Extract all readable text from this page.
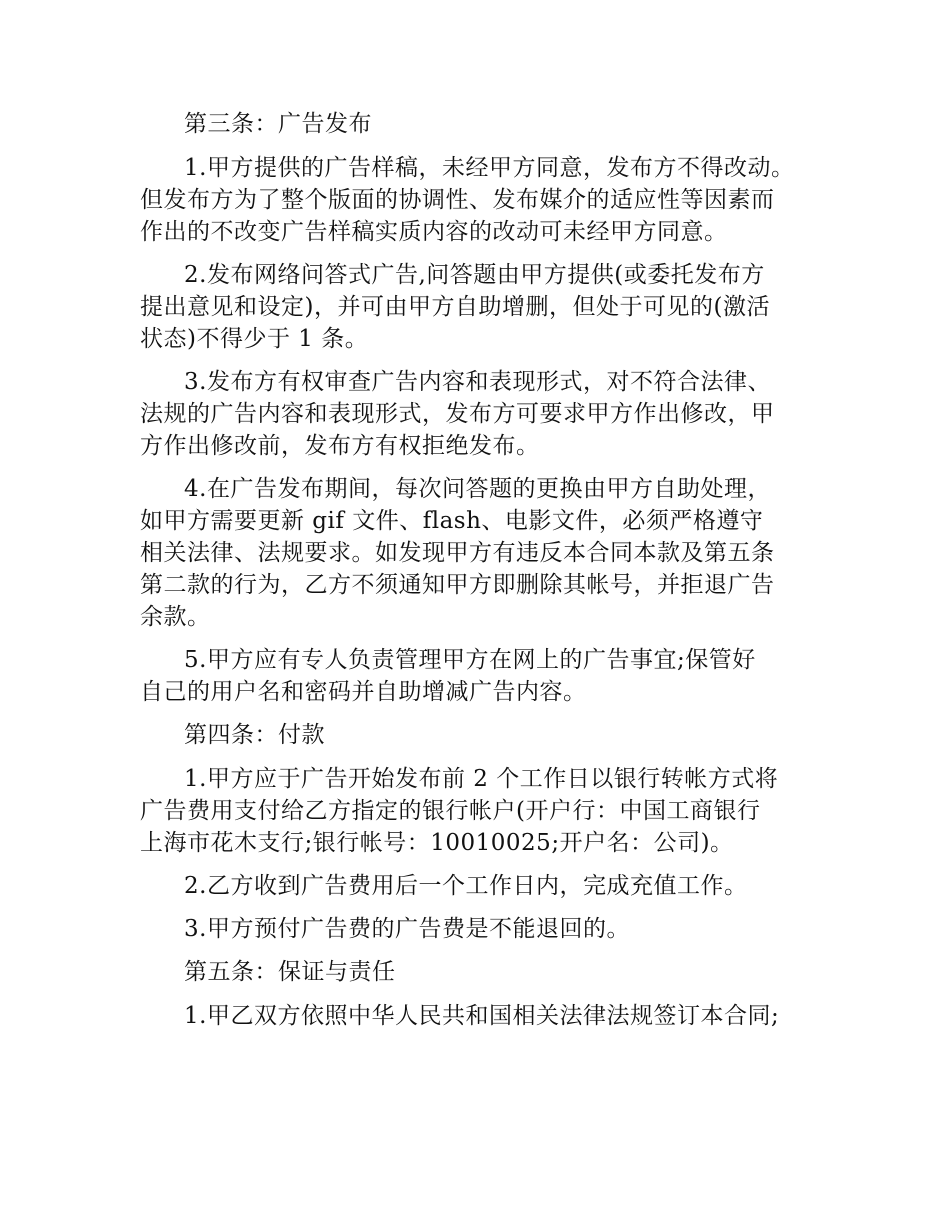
第三条：广告发布

1.甲方提供的广告样稿，未经甲方同意，发布方不得改动。
但发布方为了整个版面的协调性、发布媒介的适应性等因素而
作出的不改变广告样稿实质内容的改动可未经甲方同意。

2.发布网络问答式广告,问答题由甲方提供(或委托发布方
提出意见和设定)，并可由甲方自助增删，但处于可见的(激活
状态)不得少于 1 条。

3.发布方有权审查广告内容和表现形式，对不符合法律、
法规的广告内容和表现形式，发布方可要求甲方作出修改，甲
方作出修改前，发布方有权拒绝发布。

4.在广告发布期间，每次问答题的更换由甲方自助处理，
如甲方需要更新 gif 文件、flash、电影文件，必须严格遵守
相关法律、法规要求。如发现甲方有违反本合同本款及第五条
第二款的行为，乙方不须通知甲方即删除其帐号，并拒退广告
余款。

5.甲方应有专人负责管理甲方在网上的广告事宜;保管好
自己的用户名和密码并自助增减广告内容。

第四条：付款

1.甲方应于广告开始发布前 2 个工作日以银行转帐方式将
广告费用支付给乙方指定的银行帐户(开户行：中国工商银行
上海市花木支行;银行帐号：10010025;开户名：公司)。

2.乙方收到广告费用后一个工作日内，完成充值工作。

3.甲方预付广告费的广告费是不能退回的。

第五条：保证与责任

1.甲乙双方依照中华人民共和国相关法律法规签订本合同;
